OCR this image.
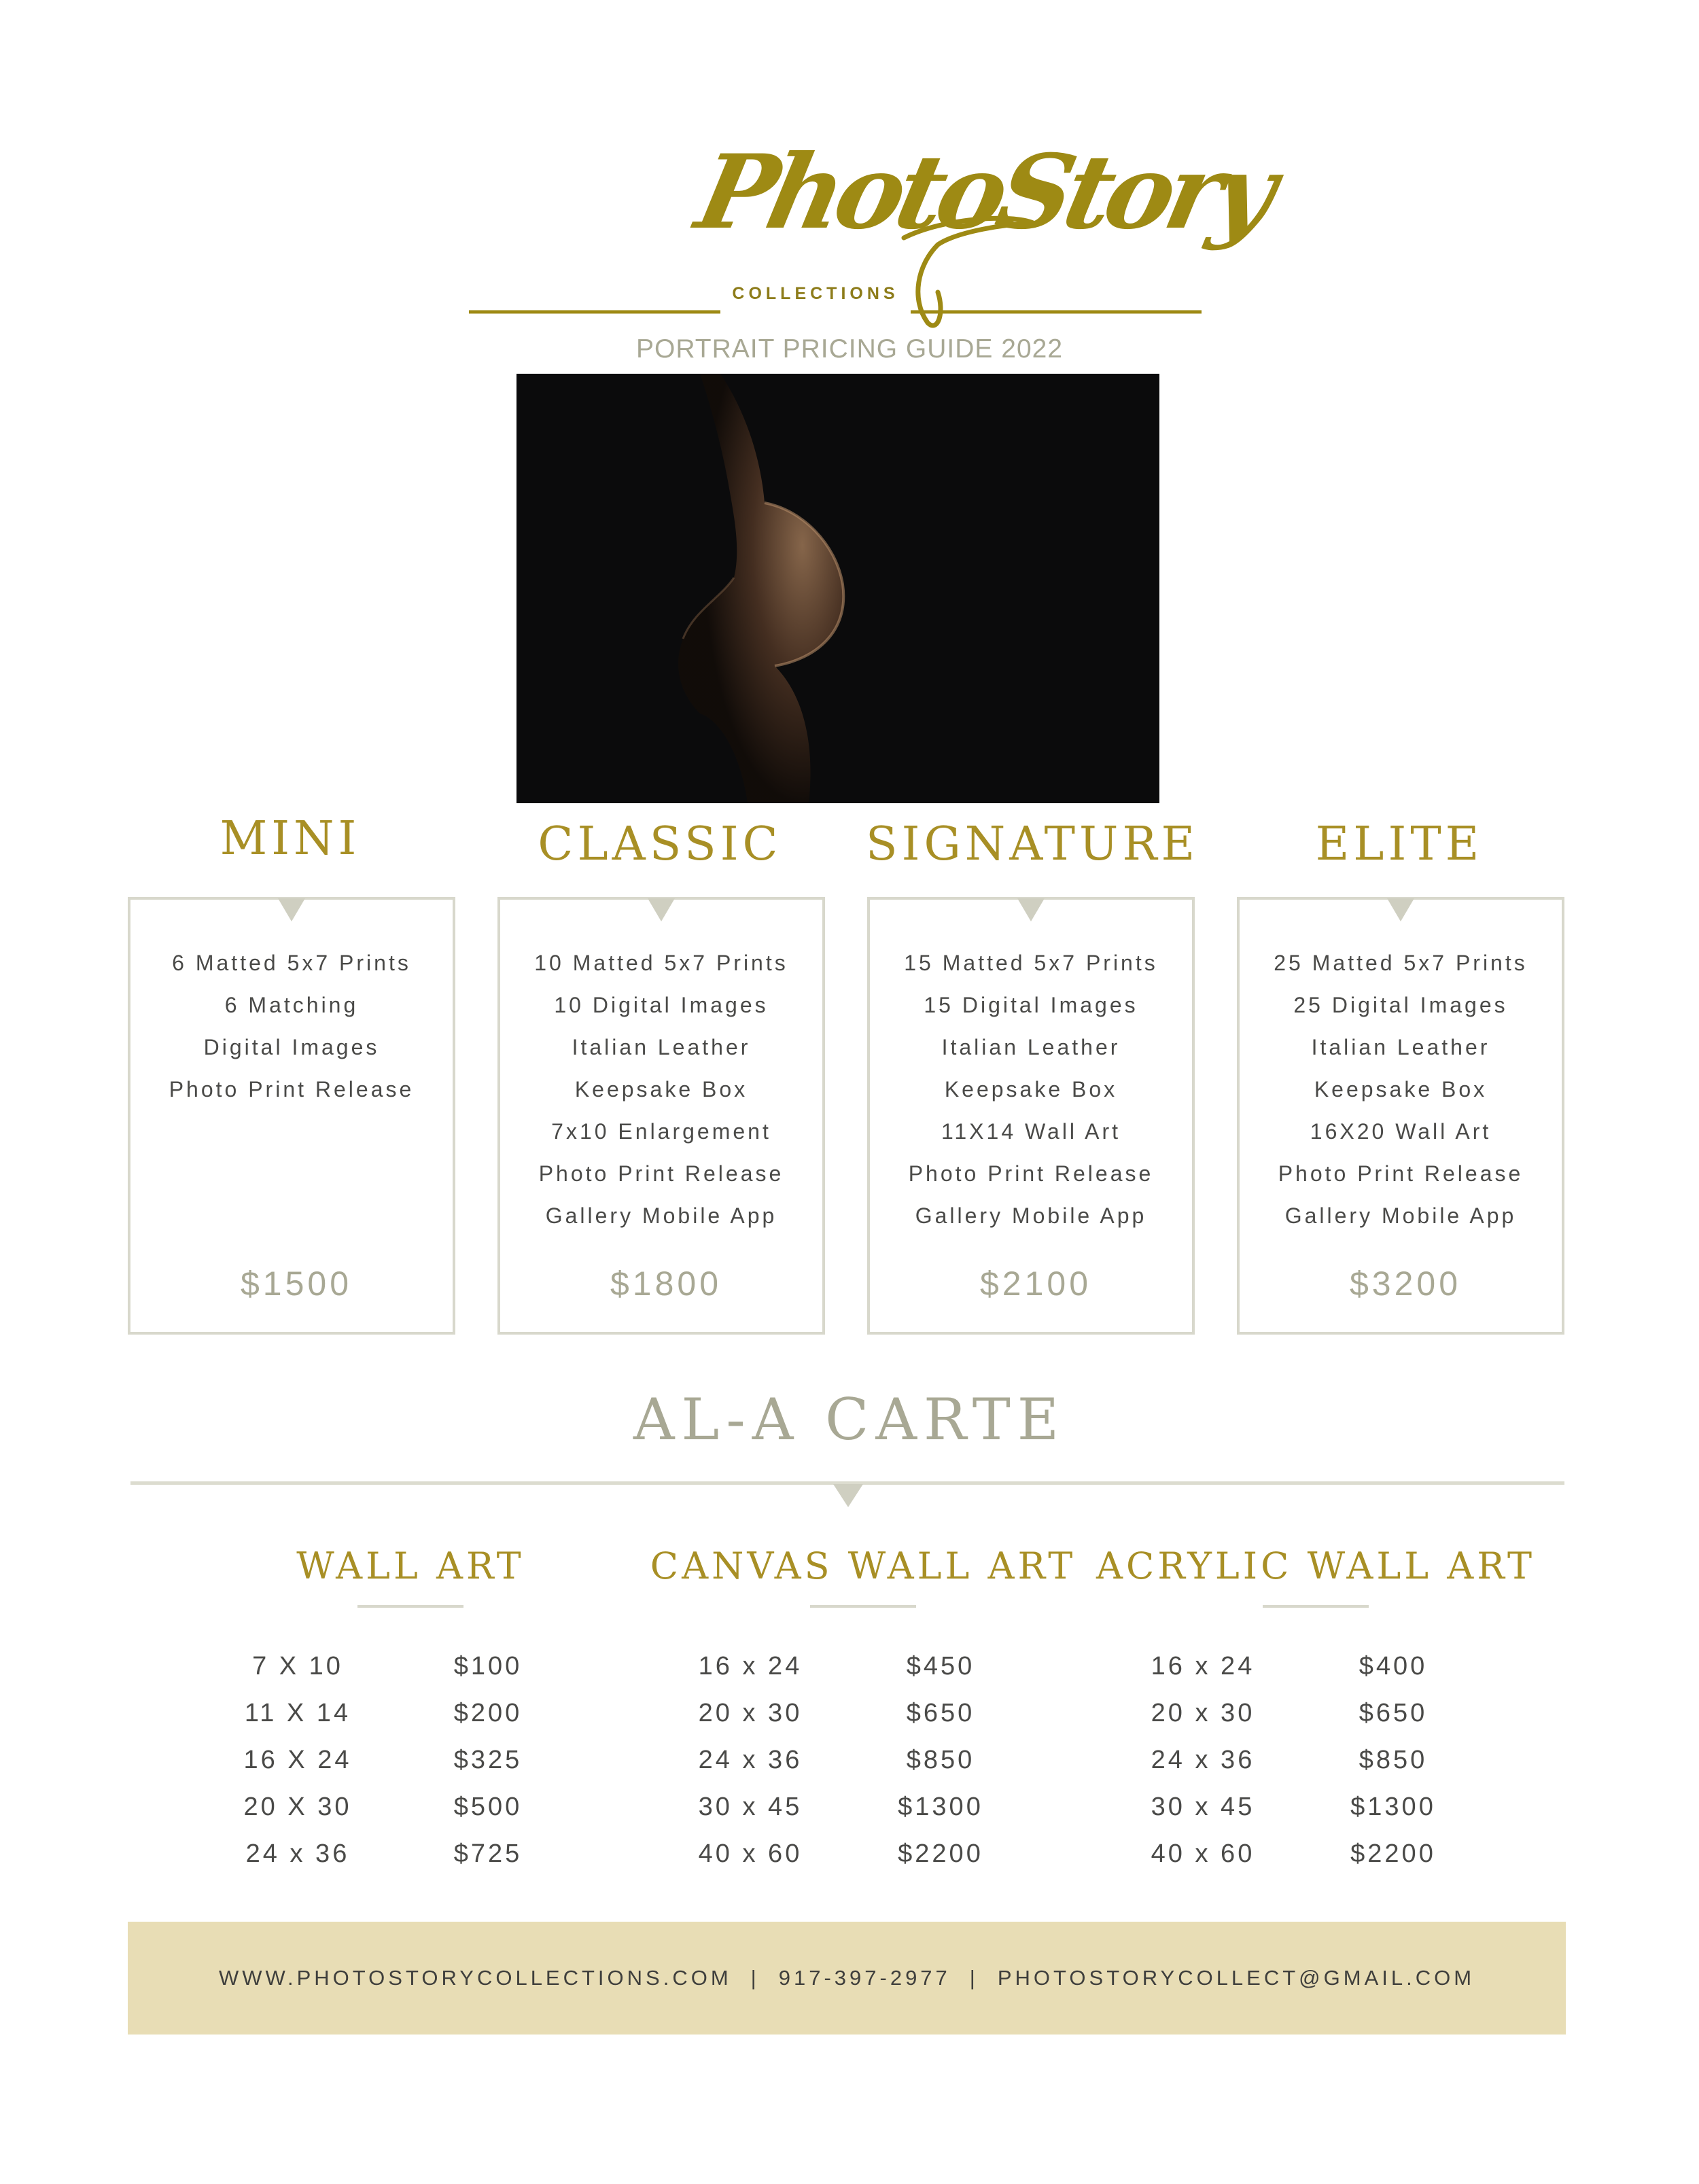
PhotoStory
COLLECTIONS
PORTRAIT PRICING GUIDE 2022
MINI	CLASSIC	SIGNATURE	ELITE
6 Matted 5x7 Prints
6 Matching
Digital Images
Photo Print Release
$1500
10 Matted 5x7 Prints
10 Digital Images
Italian Leather
Keepsake Box
7x10 Enlargement
Photo Print Release
Gallery Mobile App
$1800
15 Matted 5x7 Prints
15 Digital Images
Italian Leather
Keepsake Box
11X14 Wall Art
Photo Print Release
Gallery Mobile App
$2100
25 Matted 5x7 Prints
25 Digital Images
Italian Leather
Keepsake Box
16X20 Wall Art
Photo Print Release
Gallery Mobile App
$3200
AL-A CARTE
WALL ART
7 X 10	$100
11 X 14	$200
16 X 24	$325
20 X 30	$500
24 x 36	$725
CANVAS WALL ART
16 x 24	$450
20 x 30	$650
24 x 36	$850
30 x 45	$1300
40 x 60	$2200
ACRYLIC WALL ART
16 x 24	$400
20 x 30	$650
24 x 36	$850
30 x 45	$1300
40 x 60	$2200
WWW.PHOTOSTORYCOLLECTIONS.COM | 917-397-2977 | PHOTOSTORYCOLLECT@GMAIL.COM
